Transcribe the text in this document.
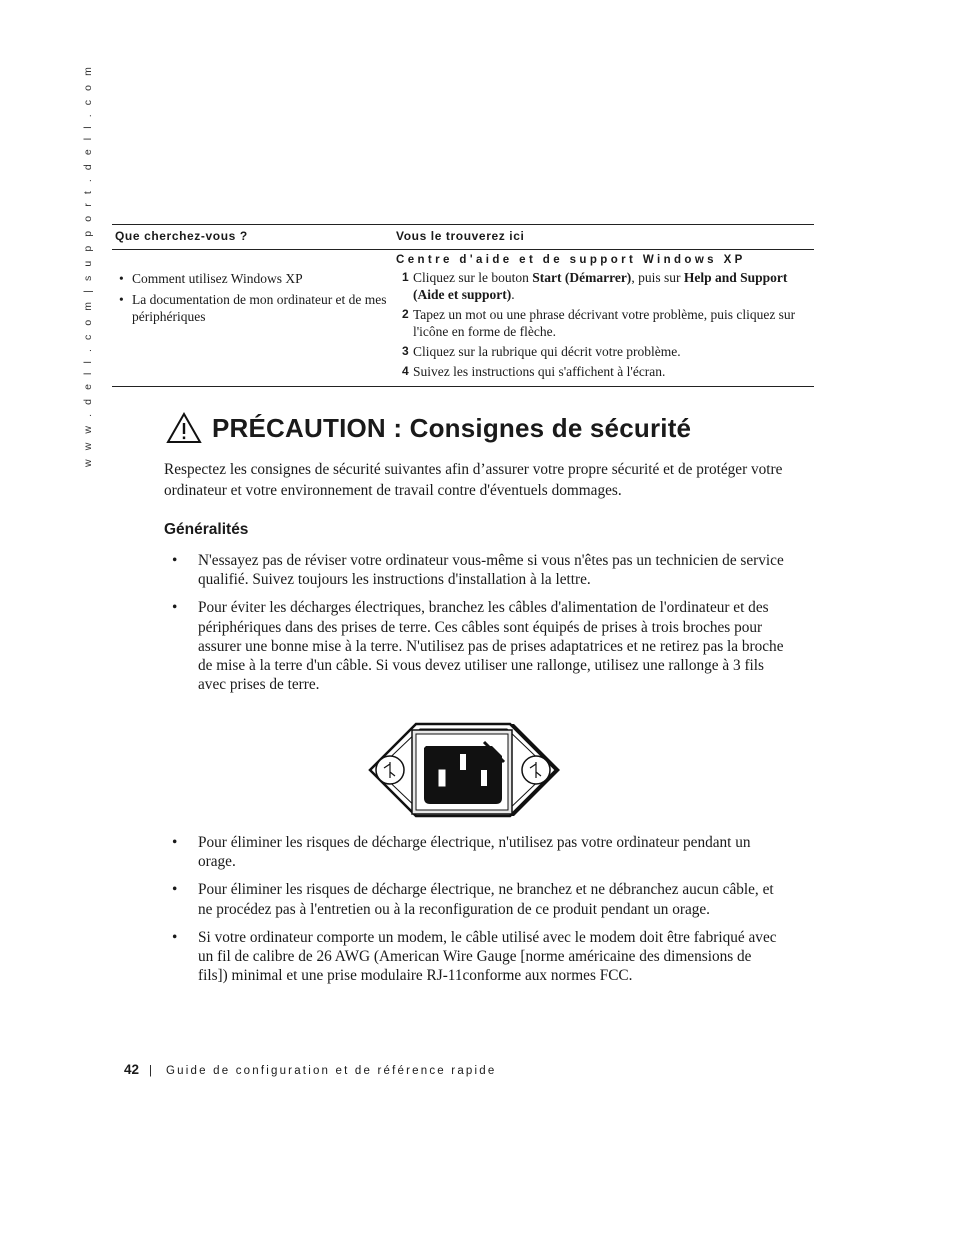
w w w . d e l l . c o m | s u p p o r t . d e l l . c o m	Que cherchez-vous ?	Vous le trouverez ici
• Comment utilisez Windows XP
• La documentation de mon ordinateur et de mes périphériques
Centre d'aide et de support Windows XP
1 Cliquez sur le bouton Start (Démarrer), puis sur Help and Support (Aide et support).
2 Tapez un mot ou une phrase décrivant votre problème, puis cliquez sur l'icône en forme de flèche.
3 Cliquez sur la rubrique qui décrit votre problème.
4 Suivez les instructions qui s'affichent à l'écran.
PRÉCAUTION : Consignes de sécurité

Respectez les consignes de sécurité suivantes afin d’assurer votre propre sécurité et de protéger votre ordinateur et votre environnement de travail contre d'éventuels dommages.

Généralités
• N'essayez pas de réviser votre ordinateur vous-même si vous n'êtes pas un technicien de service qualifié. Suivez toujours les instructions d'installation à la lettre.
• Pour éviter les décharges électriques, branchez les câbles d'alimentation de l'ordinateur et des périphériques dans des prises de terre. Ces câbles sont équipés de prises à trois broches pour assurer une bonne mise à la terre. N'utilisez pas de prises adaptatrices et ne retirez pas la broche de mise à la terre d'un câble. Si vous devez utiliser une rallonge, utilisez une rallonge à 3 fils avec prises de terre.
• Pour éliminer les risques de décharge électrique, n'utilisez pas votre ordinateur pendant un orage.
• Pour éliminer les risques de décharge électrique, ne branchez et ne débranchez aucun câble, et ne procédez pas à l'entretien ou à la reconfiguration de ce produit pendant un orage.
• Si votre ordinateur comporte un modem, le câble utilisé avec le modem doit être fabriqué avec un fil de calibre de 26 AWG (American Wire Gauge [norme américaine des dimensions de fils]) minimal et une prise modulaire RJ-11conforme aux normes FCC.
42 | Guide de configuration et de référence rapide
